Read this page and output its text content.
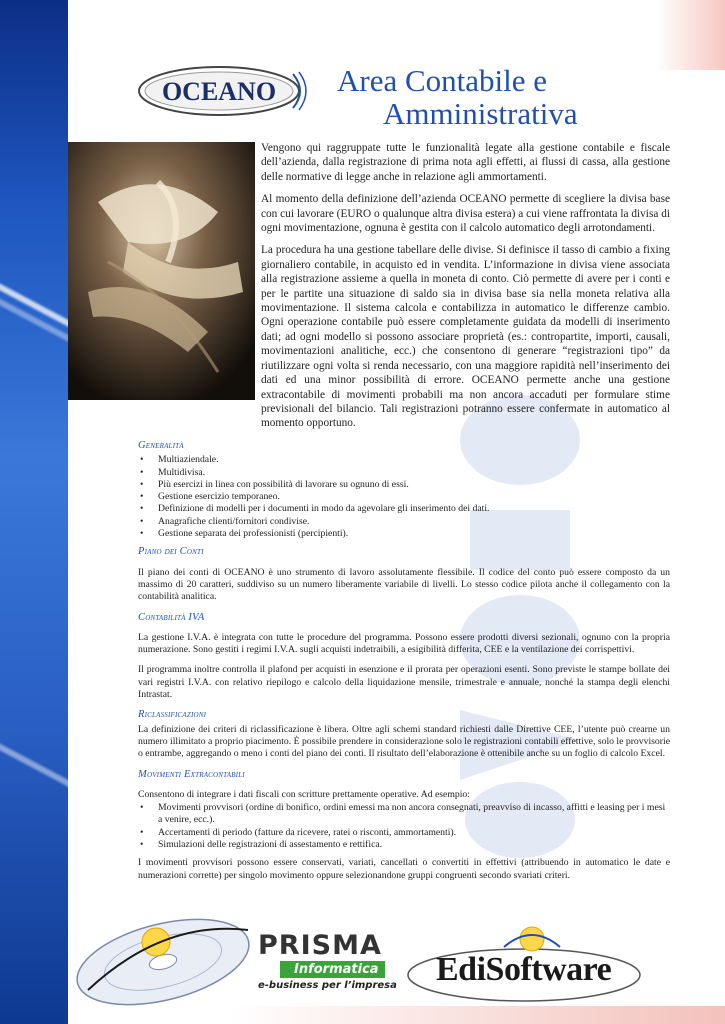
OCEANO Area Contabile e
Amministrativa

Vengono qui raggruppate tutte le funzionalità legate alla gestione contabile e fiscale dell’azienda, dalla registrazione di prima nota agli effetti, ai flussi di cassa, alla gestione delle normative di legge anche in relazione agli ammortamenti.

Al momento della definizione dell’azienda OCEANO permette di scegliere la divisa base con cui lavorare (EURO o qualunque altra divisa estera) a cui viene raffrontata la divisa di ogni movimentazione, ognuna è gestita con il calcolo automatico degli arrotondamenti.

La procedura ha una gestione tabellare delle divise. Si definisce il tasso di cambio a fixing giornaliero contabile, in acquisto ed in vendita. L’informazione in divisa viene associata alla registrazione assieme a quella in moneta di conto. Ciò permette di avere per i conti e per le partite una situazione di saldo sia in divisa base sia nella moneta relativa alla movimentazione. Il sistema calcola e contabilizza in automatico le differenze cambio. Ogni operazione contabile può essere completamente guidata da modelli di inserimento dati; ad ogni modello si possono associare proprietà (es.: contropartite, importi, causali, movimentazioni analitiche, ecc.) che consentono di generare “registrazioni tipo” da riutilizzare ogni volta si renda necessario, con una maggiore rapidità nell’inserimento dei dati ed una minor possibilità di errore. OCEANO permette anche una gestione extracontabile di movimenti probabili ma non ancora accaduti per formulare stime previsionali del bilancio. Tali registrazioni potranno essere confermate in automatico al momento opportuno.

Generalità
• Multiaziendale.
• Multidivisa.
• Più esercizi in linea con possibilità di lavorare su ognuno di essi.
• Gestione esercizio temporaneo.
• Definizione di modelli per i documenti in modo da agevolare gli inserimento dei dati.
• Anagrafiche clienti/fornitori condivise.
• Gestione separata dei professionisti (percipienti).
Piano dei Conti

Il piano dei conti di OCEANO è uno strumento di lavoro assolutamente flessibile. Il codice del conto può essere composto da un massimo di 20 caratteri, suddiviso su un numero liberamente variabile di livelli. Lo stesso codice pilota anche il collegamento con la contabilità analitica.

Contabilità IVA

La gestione I.V.A. è integrata con tutte le procedure del programma. Possono essere prodotti diversi sezionali, ognuno con la propria numerazione. Sono gestiti i regimi I.V.A. sugli acquisti indetraibili, a esigibilità differita, CEE e la ventilazione dei corrispettivi.

Il programma inoltre controlla il plafond per acquisti in esenzione e il prorata per operazioni esenti. Sono previste le stampe bollate dei vari registri I.V.A. con relativo riepilogo e calcolo della liquidazione mensile, trimestrale e annuale, nonché la stampa degli elenchi Intrastat.

Riclassificazioni

La definizione dei criteri di riclassificazione è libera. Oltre agli schemi standard richiesti dalle Direttive CEE, l’utente può crearne un numero illimitato a proprio piacimento. È possibile prendere in considerazione solo le registrazioni contabili effettive, solo le provvisorie o entrambe, aggregando o meno i conti del piano dei conti. Il risultato dell’elaborazione è ottenibile anche su un foglio di calcolo Excel.

Movimenti Extracontabili

Consentono di integrare i dati fiscali con scritture prettamente operative. Ad esempio:

• Movimenti provvisori (ordine di bonifico, ordini emessi ma non ancora consegnati, preavviso di incasso, affitti e leasing per i mesi a venire, ecc.).
• Accertamenti di periodo (fatture da ricevere, ratei o risconti, ammortamenti).
• Simulazioni delle registrazioni di assestamento e rettifica.

I movimenti provvisori possono essere conservati, variati, cancellati o convertiti in effettivi (attribuendo in automatico le date e numerazioni corrette) per singolo movimento oppure selezionandone gruppi congruenti secondo svariati criteri.

PRISMA
Informatica
e-business per l’impresa EdiSoftware
